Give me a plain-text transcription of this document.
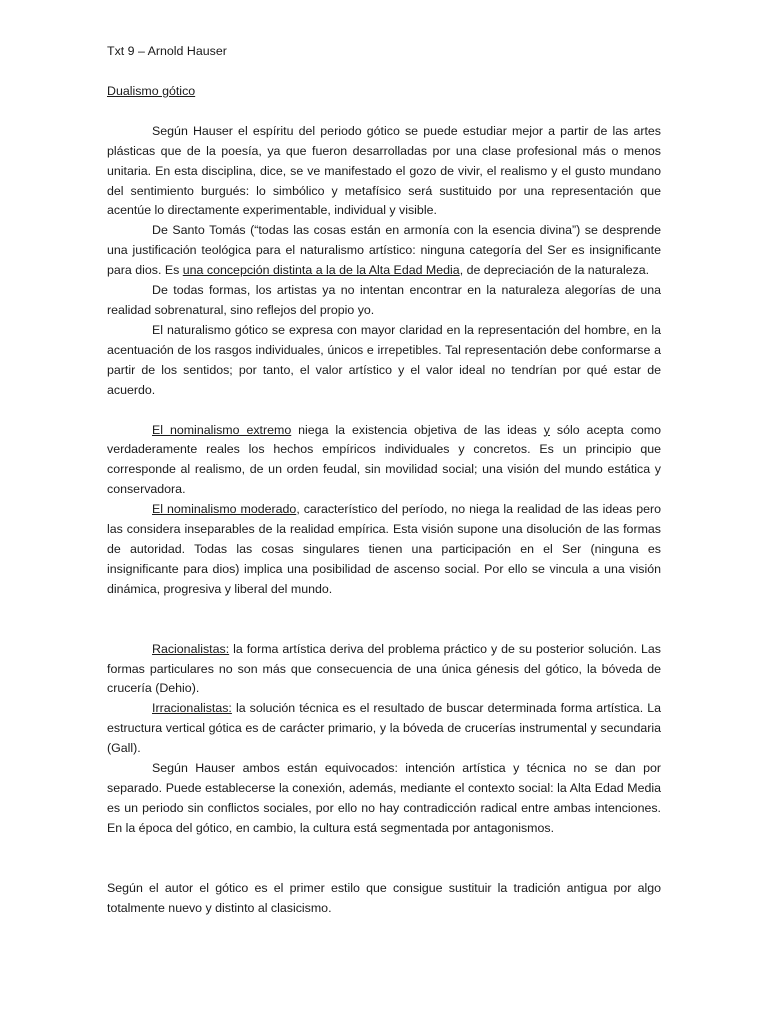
Txt 9 – Arnold Hauser
Dualismo gótico

Según Hauser el espíritu del periodo gótico se puede estudiar mejor a partir de las artes plásticas que de la poesía, ya que fueron desarrolladas por una clase profesional más o menos unitaria. En esta disciplina, dice, se ve manifestado el gozo de vivir, el realismo y el gusto mundano del sentimiento burgués: lo simbólico y metafísico será sustituido por una representación que acentúe lo directamente experimentable, individual y visible.

De Santo Tomás (“todas las cosas están en armonía con la esencia divina”) se desprende una justificación teológica para el naturalismo artístico: ninguna categoría del Ser es insignificante para dios. Es una concepción distinta a la de la Alta Edad Media, de depreciación de la naturaleza.

De todas formas, los artistas ya no intentan encontrar en la naturaleza alegorías de una realidad sobrenatural, sino reflejos del propio yo.

El naturalismo gótico se expresa con mayor claridad en la representación del hombre, en la acentuación de los rasgos individuales, únicos e irrepetibles. Tal representación debe conformarse a partir de los sentidos; por tanto, el valor artístico y el valor ideal no tendrían por qué estar de acuerdo.

El nominalismo extremo niega la existencia objetiva de las ideas y sólo acepta como verdaderamente reales los hechos empíricos individuales y concretos. Es un principio que corresponde al realismo, de un orden feudal, sin movilidad social; una visión del mundo estática y conservadora.

El nominalismo moderado, característico del período, no niega la realidad de las ideas pero las considera inseparables de la realidad empírica. Esta visión supone una disolución de las formas de autoridad. Todas las cosas singulares tienen una participación en el Ser (ninguna es insignificante para dios) implica una posibilidad de ascenso social. Por ello se vincula a una visión dinámica, progresiva y liberal del mundo.

Racionalistas: la forma artística deriva del problema práctico y de su posterior solución. Las formas particulares no son más que consecuencia de una única génesis del gótico, la bóveda de crucería (Dehio).

Irracionalistas: la solución técnica es el resultado de buscar determinada forma artística. La estructura vertical gótica es de carácter primario, y la bóveda de crucerías instrumental y secundaria (Gall).

Según Hauser ambos están equivocados: intención artística y técnica no se dan por separado. Puede establecerse la conexión, además, mediante el contexto social: la Alta Edad Media es un periodo sin conflictos sociales, por ello no hay contradicción radical entre ambas intenciones. En la época del gótico, en cambio, la cultura está segmentada por antagonismos.

Según el autor el gótico es el primer estilo que consigue sustituir la tradición antigua por algo totalmente nuevo y distinto al clasicismo.
